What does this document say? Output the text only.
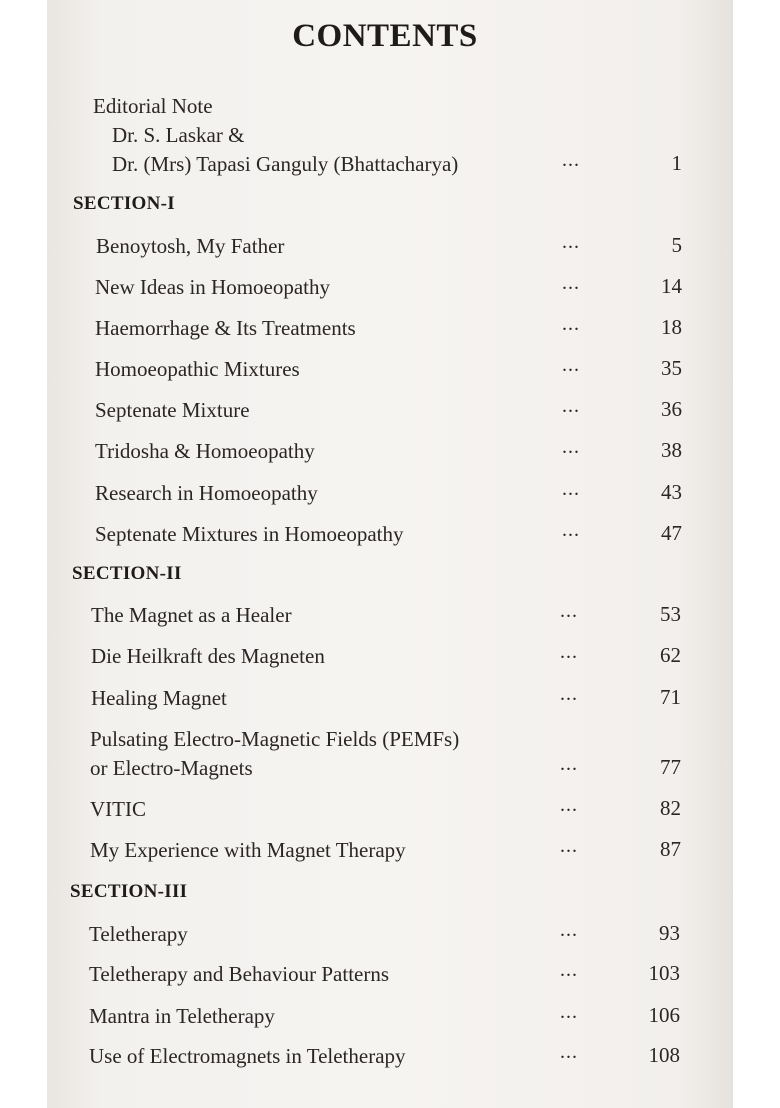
CONTENTS
Editorial Note
Dr. S. Laskar &
Dr. (Mrs) Tapasi Ganguly (Bhattacharya)	...	1
SECTION-I
Benoytosh, My Father	...	5
New Ideas in Homoeopathy	...	14
Haemorrhage & Its Treatments	...	18
Homoeopathic Mixtures	...	35
Septenate Mixture	...	36
Tridosha & Homoeopathy	...	38
Research in Homoeopathy	...	43
Septenate Mixtures in Homoeopathy	...	47
SECTION-II
The Magnet as a Healer	...	53
Die Heilkraft des Magneten	...	62
Healing Magnet	...	71
Pulsating Electro-Magnetic Fields (PEMFs)
or Electro-Magnets	...	77
VITIC	...	82
My Experience with Magnet Therapy	...	87
SECTION-III
Teletherapy	...	93
Teletherapy and Behaviour Patterns	...	103
Mantra in Teletherapy	...	106
Use of Electromagnets in Teletherapy	...	108
